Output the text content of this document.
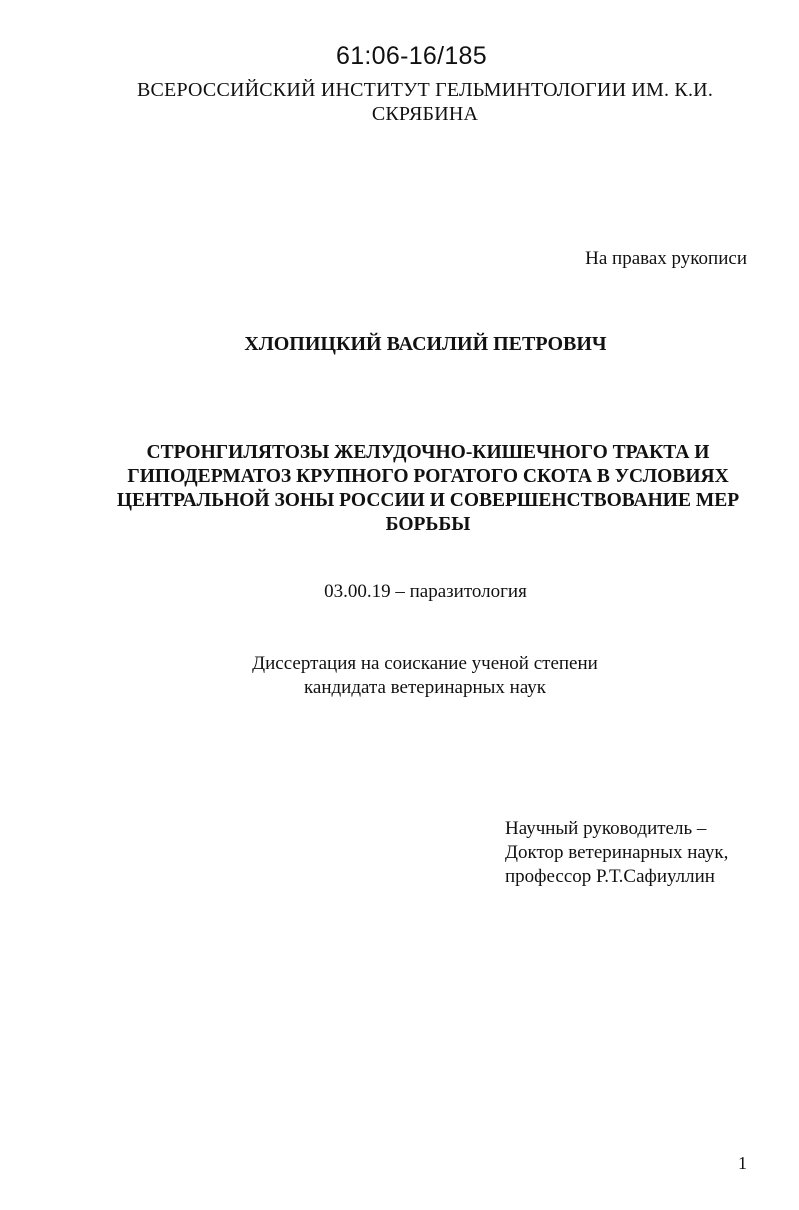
61:06-16/185
ВСЕРОССИЙСКИЙ ИНСТИТУТ ГЕЛЬМИНТОЛОГИИ ИМ. К.И. СКРЯБИНА
На правах рукописи
ХЛОПИЦКИЙ ВАСИЛИЙ ПЕТРОВИЧ
СТРОНГИЛЯТОЗЫ ЖЕЛУДОЧНО-КИШЕЧНОГО ТРАКТА И ГИПОДЕРМАТОЗ КРУПНОГО РОГАТОГО СКОТА В УСЛОВИЯХ ЦЕНТРАЛЬНОЙ ЗОНЫ РОССИИ И СОВЕРШЕНСТВОВАНИЕ МЕР БОРЬБЫ
03.00.19 – паразитология
Диссертация на соискание ученой степени
кандидата ветеринарных наук
Научный руководитель –
Доктор ветеринарных наук,
профессор Р.Т.Сафиуллин
1
